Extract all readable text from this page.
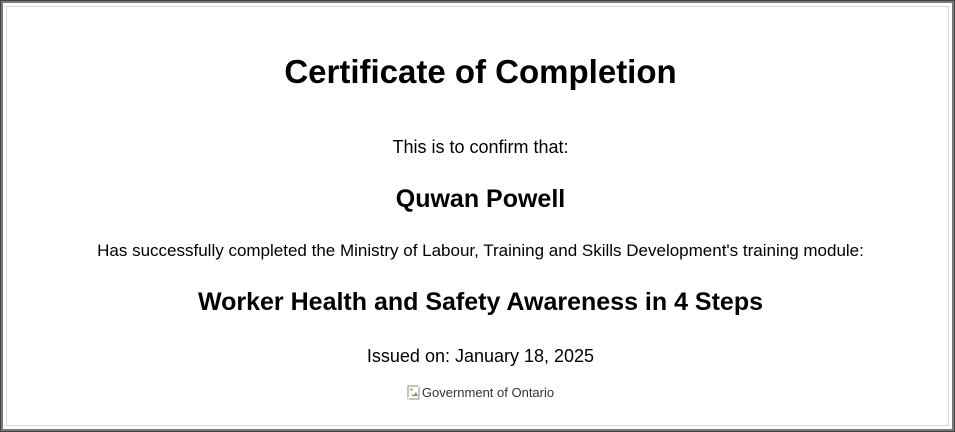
Certificate of Completion
This is to confirm that:
Quwan Powell
Has successfully completed the Ministry of Labour, Training and Skills Development's training module:
Worker Health and Safety Awareness in 4 Steps
Issued on: January 18, 2025
Government of Ontario
